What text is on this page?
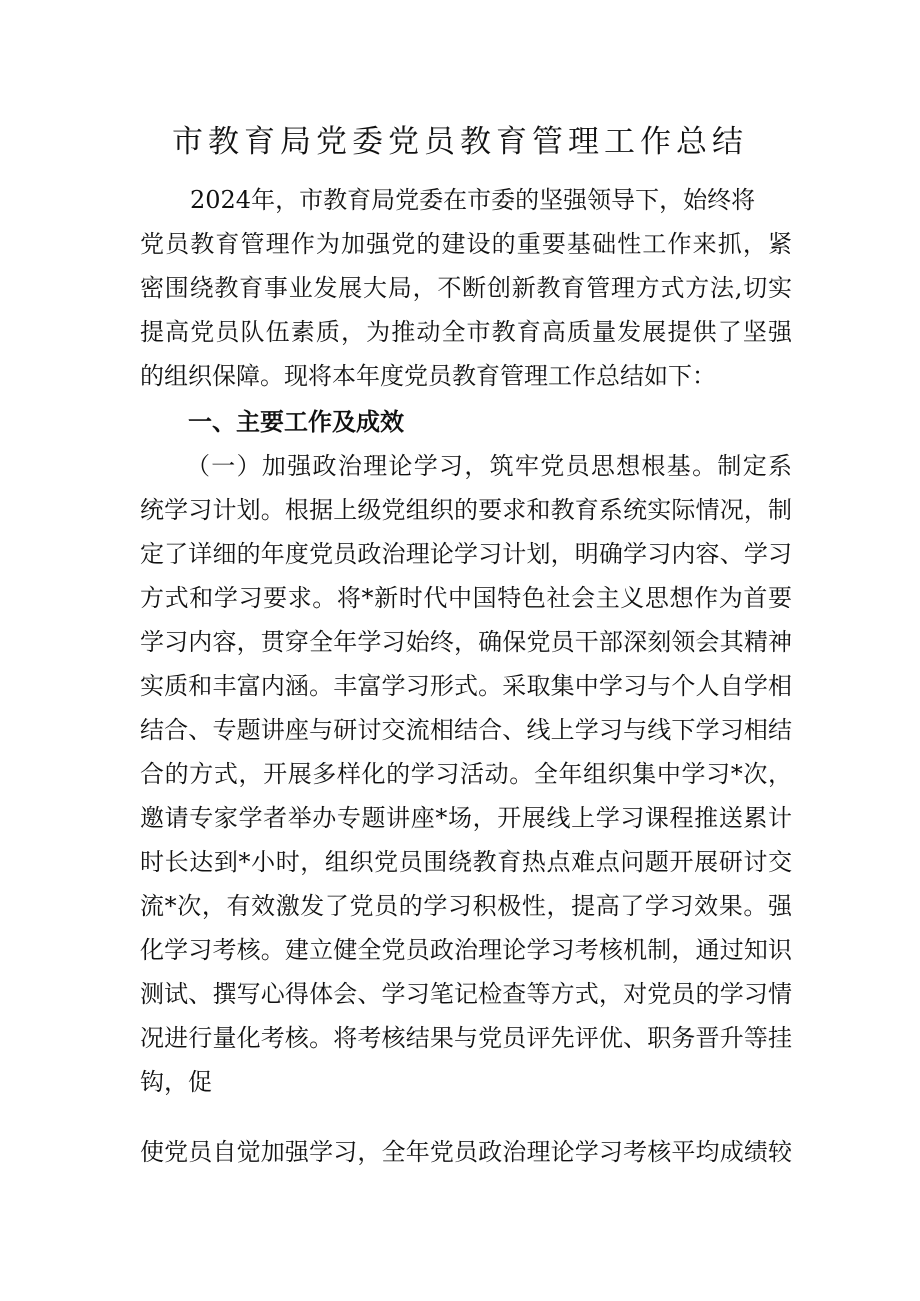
市教育局党委党员教育管理工作总结
2024年，市教育局党委在市委的坚强领导下，始终将
党员教育管理作为加强党的建设的重要基础性工作来抓，紧
密围绕教育事业发展大局，不断创新教育管理方式方法,切实
提高党员队伍素质，为推动全市教育高质量发展提供了坚强
的组织保障。现将本年度党员教育管理工作总结如下：
一、主要工作及成效
（一）加强政治理论学习，筑牢党员思想根基。制定系
统学习计划。根据上级党组织的要求和教育系统实际情况，制
定了详细的年度党员政治理论学习计划，明确学习内容、学习
方式和学习要求。将*新时代中国特色社会主义思想作为首要
学习内容，贯穿全年学习始终，确保党员干部深刻领会其精神
实质和丰富内涵。丰富学习形式。采取集中学习与个人自学相
结合、专题讲座与研讨交流相结合、线上学习与线下学习相结
合的方式，开展多样化的学习活动。全年组织集中学习*次，
邀请专家学者举办专题讲座*场，开展线上学习课程推送累计
时长达到*小时，组织党员围绕教育热点难点问题开展研讨交
流*次，有效激发了党员的学习积极性，提高了学习效果。强
化学习考核。建立健全党员政治理论学习考核机制，通过知识
测试、撰写心得体会、学习笔记检查等方式，对党员的学习情
况进行量化考核。将考核结果与党员评先评优、职务晋升等挂
钩，促
使党员自觉加强学习，全年党员政治理论学习考核平均成绩较
